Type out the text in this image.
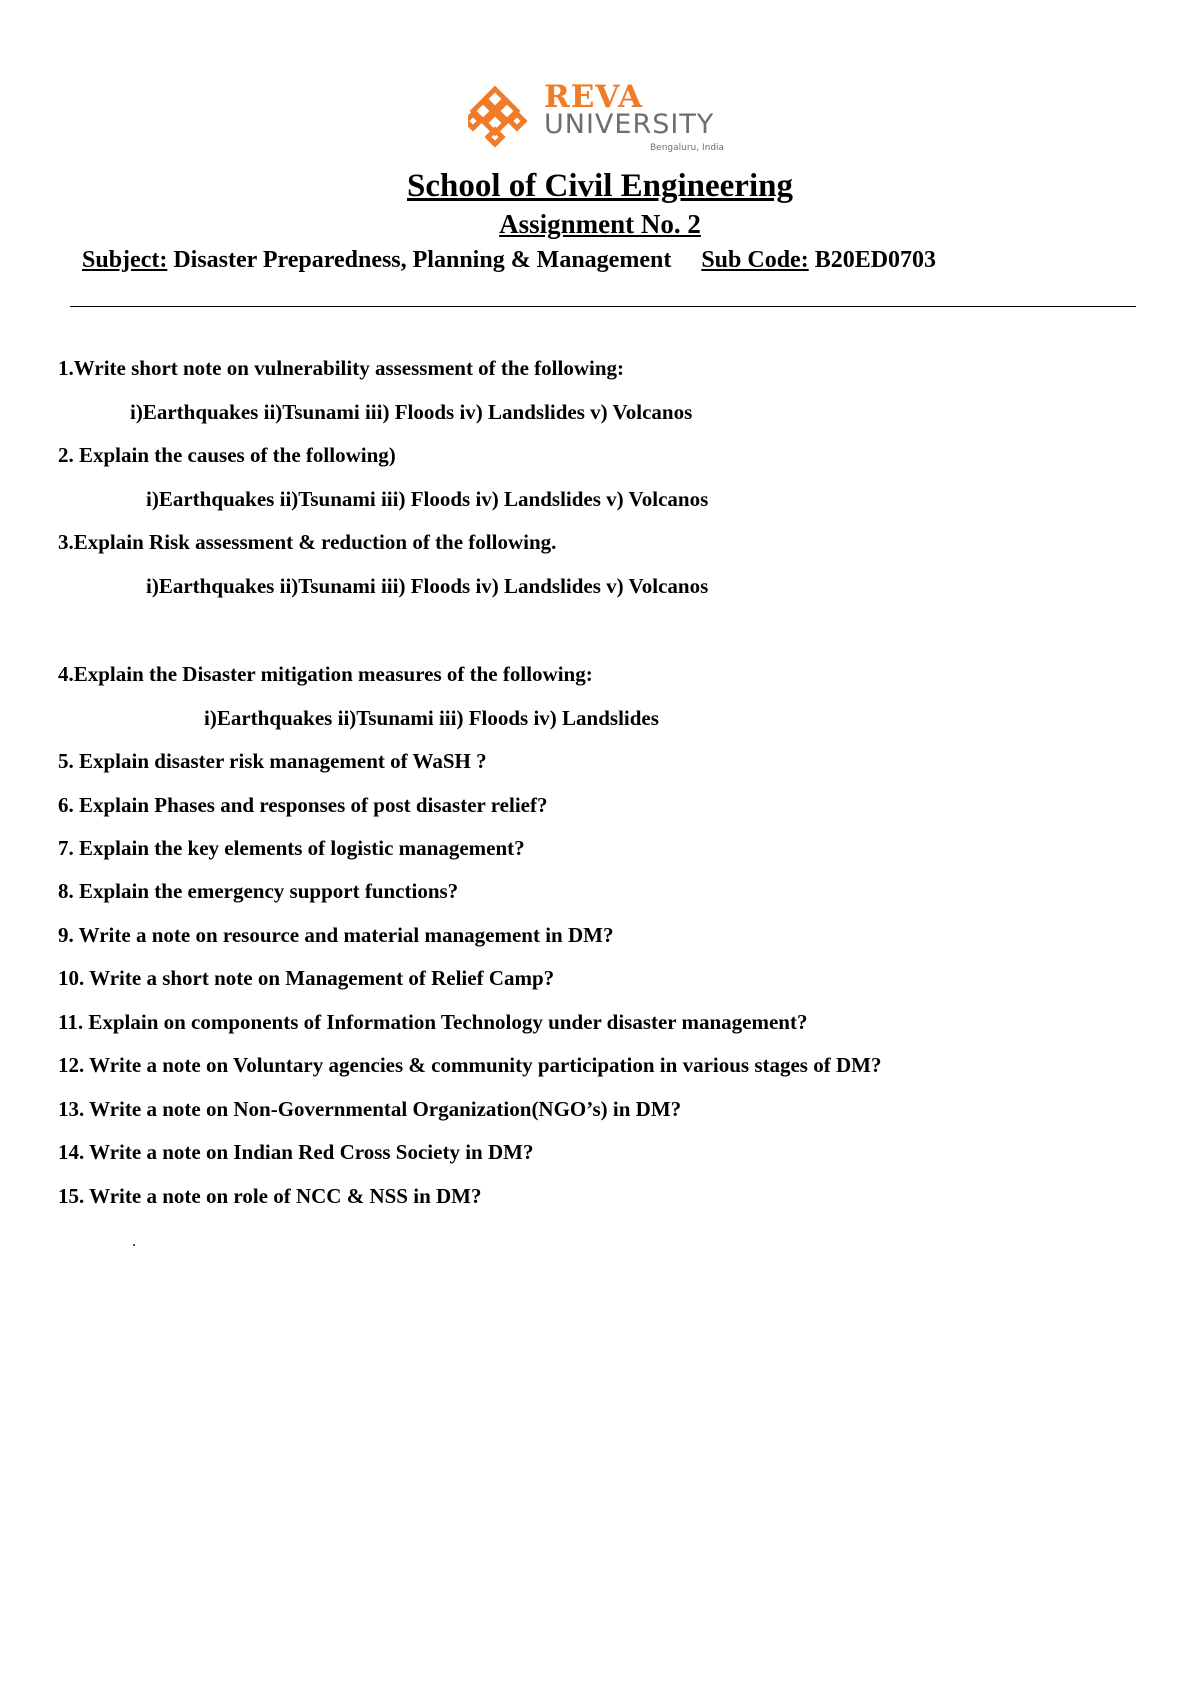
REVA
UNIVERSITY
Bengaluru, India
School of Civil Engineering
Assignment No. 2
Subject: Disaster Preparedness, Planning & Management Sub Code: B20ED0703
1.Write short note on vulnerability assessment of the following:
i)Earthquakes ii)Tsunami iii) Floods iv) Landslides v) Volcanos
2. Explain the causes of the following)
i)Earthquakes ii)Tsunami iii) Floods iv) Landslides v) Volcanos
3.Explain Risk assessment & reduction of the following.
i)Earthquakes ii)Tsunami iii) Floods iv) Landslides v) Volcanos
4.Explain the Disaster mitigation measures of the following:
i)Earthquakes ii)Tsunami iii) Floods iv) Landslides
5. Explain disaster risk management of WaSH ?
6. Explain Phases and responses of post disaster relief?
7. Explain the key elements of logistic management?
8. Explain the emergency support functions?
9. Write a note on resource and material management in DM?
10. Write a short note on Management of Relief Camp?
11. Explain on components of Information Technology under disaster management?
12. Write a note on Voluntary agencies & community participation in various stages of DM?
13. Write a note on Non-Governmental Organization(NGO’s) in DM?
14. Write a note on Indian Red Cross Society in DM?
15. Write a note on role of NCC & NSS in DM?
.
